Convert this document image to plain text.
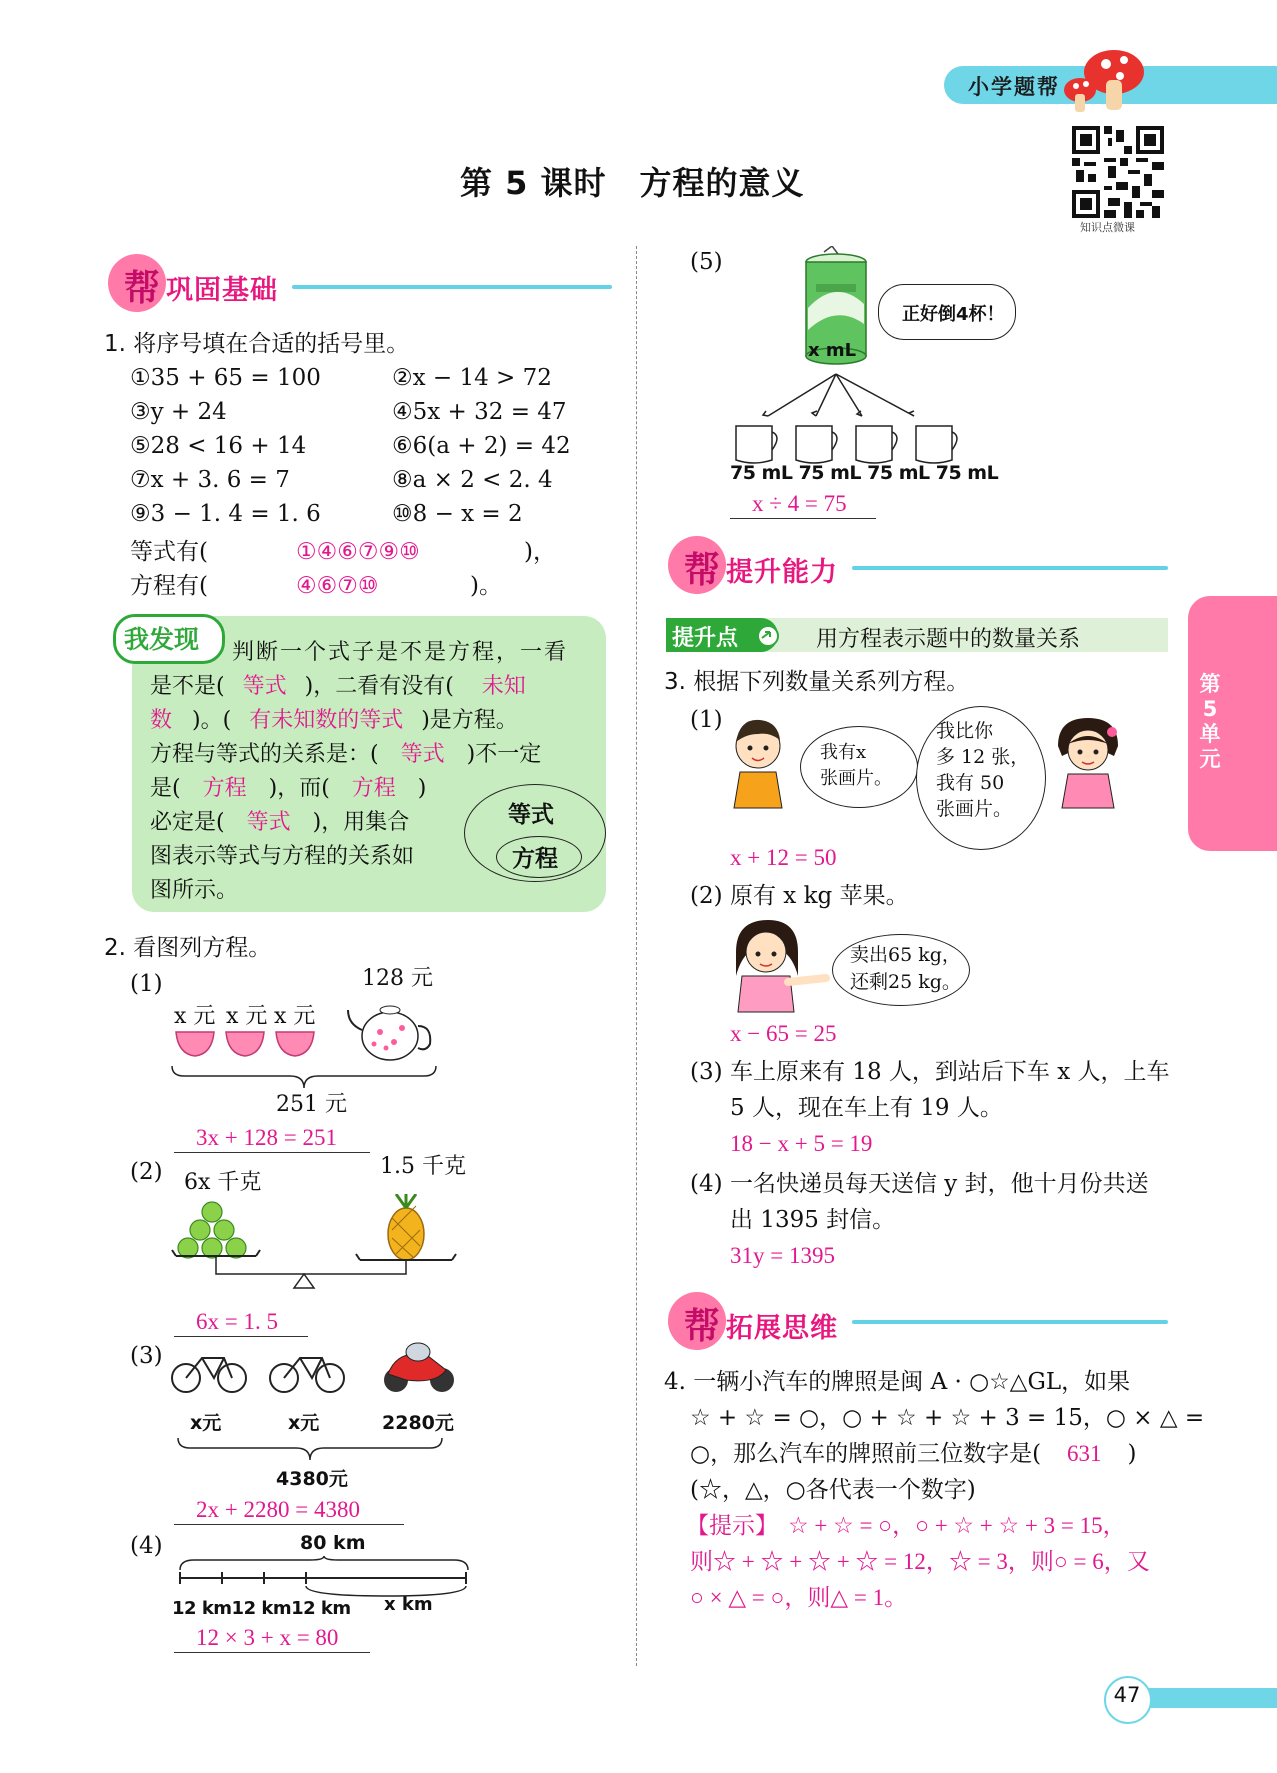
小学题帮
第 5 课时　方程的意义
知识点微课
帮 巩固基础
1. 将序号填在合适的括号里。
①35 + 65 = 100	②x − 14 > 72
③y + 24	④5x + 32 = 47
⑤28 < 16 + 14	⑥6(a + 2) = 42
⑦x + 3. 6 = 7	⑧a × 2 < 2. 4
⑨3 − 1. 4 = 1. 6	⑩8 − x = 2
等式有(	①④⑥⑦⑨⑩	)，
方程有(	④⑥⑦⑩	)。
我发现 判断一个式子是不是方程，一看
是不是( 等式 )，二看有没有( 未知
数 )。( 有未知数的等式 )是方程。
方程与等式的关系是：( 等式 )不一定
是( 方程 )，而( 方程 )
必定是( 等式 )，用集合
图表示等式与方程的关系如
图所示。
等式
方程
2. 看图列方程。
(1)	128 元
x 元 x 元 x 元
251 元
3x + 128 = 251
(2)	1.5 千克
6x 千克
6x = 1. 5
(3)
x元	x元	2280元
4380元
2x + 2280 = 4380
(4)	80 km
12 km12 km12 km x km
12 × 3 + x = 80
(5)
x mL
正好倒4杯！
75 mL 75 mL 75 mL 75 mL
x ÷ 4 = 75
帮 提升能力
提升点	用方程表示题中的数量关系
3. 根据下列数量关系列方程。
(1)
我有x
张画片。
我比你
多 12 张，
我有 50
张画片。
x + 12 = 50
(2) 原有 x kg 苹果。
卖出65 kg，
还剩25 kg。
x − 65 = 25
(3) 车上原来有 18 人，到站后下车 x 人，上车
5 人，现在车上有 19 人。
18 − x + 5 = 19
(4) 一名快递员每天送信 y 封，他十月份共送
出 1395 封信。
31y = 1395
帮 拓展思维
4. 一辆小汽车的牌照是闽 A · ○☆△GL，如果
☆ + ☆ = ○，○ + ☆ + ☆ + 3 = 15，○ × △ =
○，那么汽车的牌照前三位数字是( 631 )
(☆，△，○各代表一个数字)
【提示】 ☆ + ☆ = ○，○ + ☆ + ☆ + 3 = 15，
则☆ + ☆ + ☆ + ☆ = 12，☆ = 3，则○ = 6，又
○ × △ = ○，则△ = 1。
第5单元
47
